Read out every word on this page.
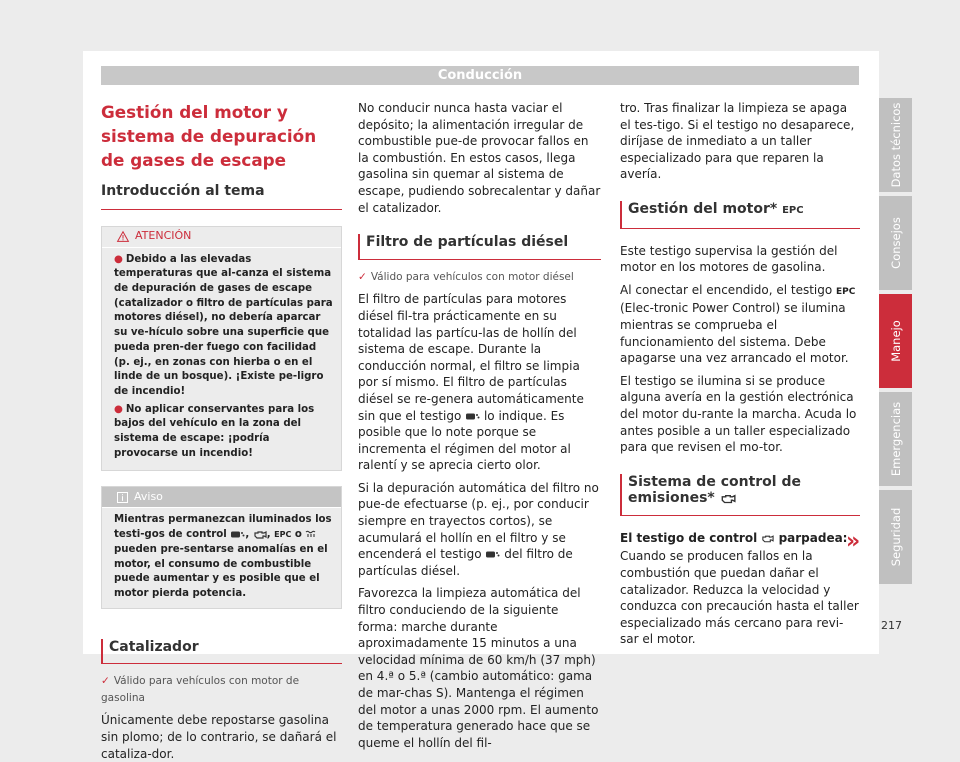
Conducción
Gestión del motor y sistema de depuración de gases de escape
Introducción al tema
ATENCIÓN

● Debido a las elevadas temperaturas que al-canza el sistema de depuración de gases de escape (catalizador o filtro de partículas para motores diésel), no debería aparcar su ve-hículo sobre una superficie que pueda pren-der fuego con facilidad (p. ej., en zonas con hierba o en el linde de un bosque). ¡Existe pe-ligro de incendio!

● No aplicar conservantes para los bajos del vehículo en la zona del sistema de escape: ¡podría provocarse un incendio!

Aviso
Mientras permanezcan iluminados los testi-gos de control , , EPC o  pueden pre-sentarse anomalías en el motor, el consumo de combustible puede aumentar y es posible que el motor pierda potencia.
Catalizador
✓ Válido para vehículos con motor de gasolina

Únicamente debe repostarse gasolina sin plomo; de lo contrario, se dañará el cataliza-dor.

No conducir nunca hasta vaciar el depósito; la alimentación irregular de combustible pue-de provocar fallos en la combustión. En estos casos, llega gasolina sin quemar al sistema de escape, pudiendo sobrecalentar y dañar el catalizador.

Filtro de partículas diésel
✓ Válido para vehículos con motor diésel

El filtro de partículas para motores diésel fil-tra prácticamente en su totalidad las partícu-las de hollín del sistema de escape. Durante la conducción normal, el filtro se limpia por sí mismo. El filtro de partículas diésel se re-genera automáticamente sin que el testigo lo indique. Es posible que lo note porque se incrementa el régimen del motor al ralentí y se aprecia cierto olor.

Si la depuración automática del filtro no pue-de efectuarse (p. ej., por conducir siempre en trayectos cortos), se acumulará el hollín en el filtro y se encenderá el testigo del filtro de partículas diésel.

Favorezca la limpieza automática del filtro conduciendo de la siguiente forma: marche durante aproximadamente 15 minutos a una velocidad mínima de 60 km/h (37 mph) en 4.ª o 5.ª (cambio automático: gama de mar-chas S). Mantenga el régimen del motor a unas 2000 rpm. El aumento de temperatura generado hace que se queme el hollín del fil-

tro. Tras finalizar la limpieza se apaga el tes-tigo. Si el testigo no desaparece, diríjase de inmediato a un taller especializado para que reparen la avería.

Gestión del motor* EPC

Este testigo supervisa la gestión del motor en los motores de gasolina.

Al conectar el encendido, el testigo EPC (Elec-tronic Power Control) se ilumina mientras se comprueba el funcionamiento del sistema. Debe apagarse una vez arrancado el motor.

El testigo se ilumina si se produce alguna avería en la gestión electrónica del motor du-rante la marcha. Acuda lo antes posible a un taller especializado para que revisen el mo-tor.

Sistema de control de emisiones*

El testigo de control parpadea:

Cuando se producen fallos en la combustión que puedan dañar el catalizador. Reduzca la velocidad y conduzca con precaución hasta el taller especializado más cercano para revi-sar el motor.

»
Datos técnicos
Consejos
Manejo
Emergencias
Seguridad
217
